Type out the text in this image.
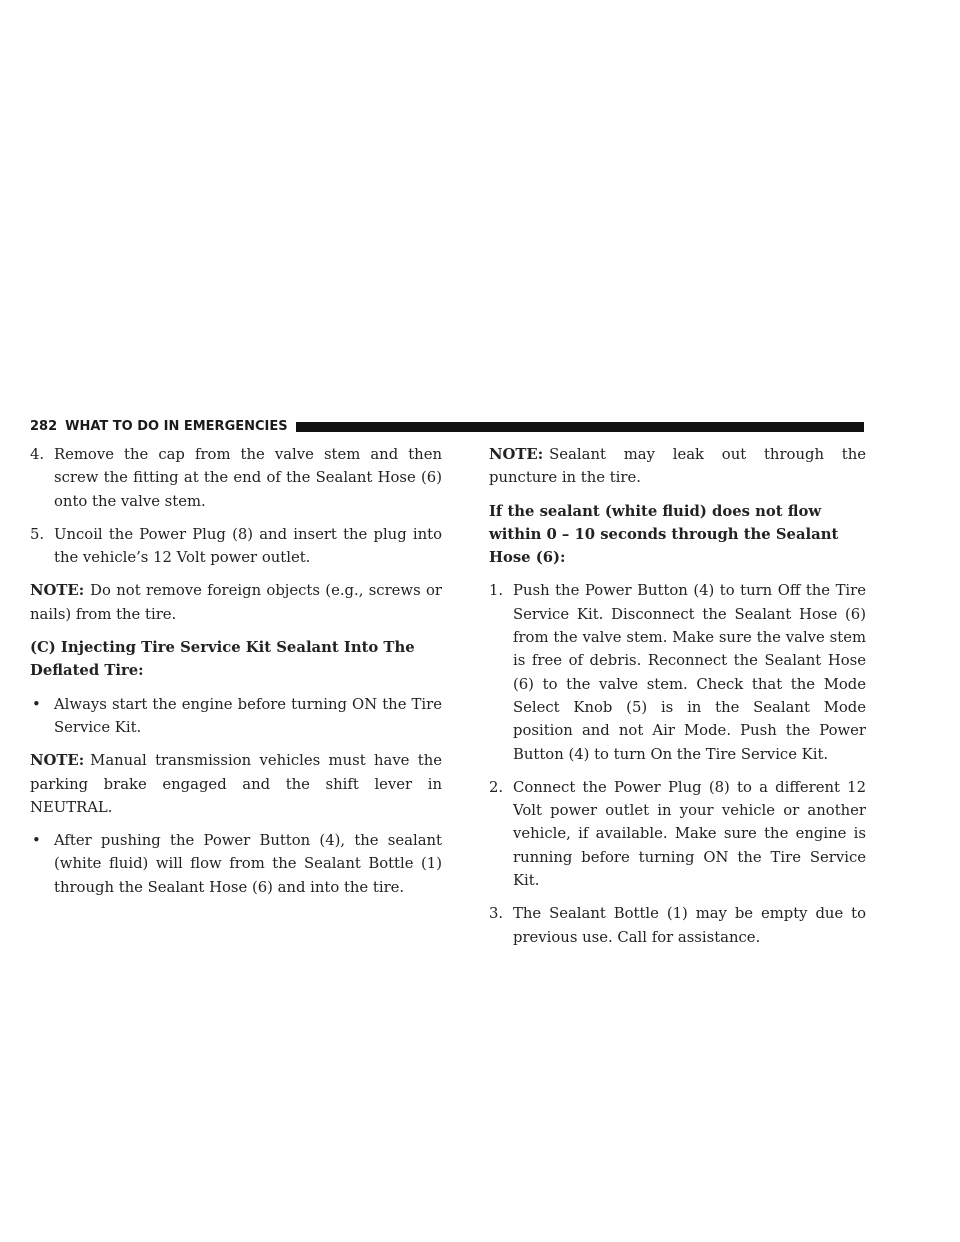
282 WHAT TO DO IN EMERGENCIES
4. Remove the cap from the valve stem and then screw the fitting at the end of the Sealant Hose (6) onto the valve stem.
5. Uncoil the Power Plug (8) and insert the plug into the vehicle’s 12 Volt power outlet.

NOTE: Do not remove foreign objects (e.g., screws or nails) from the tire.

(C) Injecting Tire Service Kit Sealant Into The
Deflated Tire:
• Always start the engine before turning ON the Tire Service Kit.

NOTE: Manual transmission vehicles must have the parking brake engaged and the shift lever in NEUTRAL.

• After pushing the Power Button (4), the sealant (white fluid) will flow from the Sealant Bottle (1) through the Sealant Hose (6) and into the tire.

NOTE: Sealant may leak out through the puncture in the tire.

If the sealant (white fluid) does not flow within 0 – 10 seconds through the Sealant Hose (6):

1. Push the Power Button (4) to turn Off the Tire Service Kit. Disconnect the Sealant Hose (6) from the valve stem. Make sure the valve stem is free of debris. Reconnect the Sealant Hose (6) to the valve stem. Check that the Mode Select Knob (5) is in the Sealant Mode position and not Air Mode. Push the Power Button (4) to turn On the Tire Service Kit.
2. Connect the Power Plug (8) to a different 12 Volt power outlet in your vehicle or another vehicle, if available. Make sure the engine is running before turning ON the Tire Service Kit.
3. The Sealant Bottle (1) may be empty due to previous use. Call for assistance.
